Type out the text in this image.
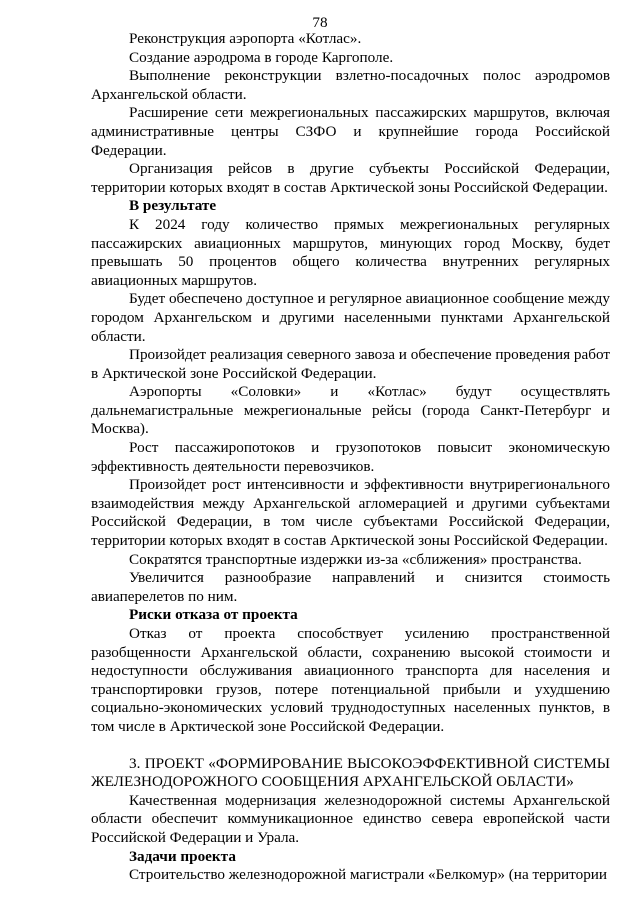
78

Реконструкция аэропорта «Котлас».

Создание аэродрома в городе Каргополе.

Выполнение реконструкции взлетно-посадочных полос аэродромов Архангельской области.

Расширение сети межрегиональных пассажирских маршрутов, включая административные центры СЗФО и крупнейшие города Российской Федерации.

Организация рейсов в другие субъекты Российской Федерации, территории которых входят в состав Арктической зоны Российской Федерации.

В результате

К 2024 году количество прямых межрегиональных регулярных пассажирских авиационных маршрутов, минующих город Москву, будет превышать 50 процентов общего количества внутренних регулярных авиационных маршрутов.

Будет обеспечено доступное и регулярное авиационное сообщение между городом Архангельском и другими населенными пунктами Архангельской области.

Произойдет реализация северного завоза и обеспечение проведения работ в Арктической зоне Российской Федерации.

Аэропорты «Соловки» и «Котлас» будут осуществлять дальнемагистральные межрегиональные рейсы (города Санкт-Петербург и Москва).

Рост пассажиропотоков и грузопотоков повысит экономическую эффективность деятельности перевозчиков.

Произойдет рост интенсивности и эффективности внутрирегионального взаимодействия между Архангельской агломерацией и другими субъектами Российской Федерации, в том числе субъектами Российской Федерации, территории которых входят в состав Арктической зоны Российской Федерации.

Сократятся транспортные издержки из-за «сближения» пространства.

Увеличится разнообразие направлений и снизится стоимость авиаперелетов по ним.

Риски отказа от проекта

Отказ от проекта способствует усилению пространственной разобщенности Архангельской области, сохранению высокой стоимости и недоступности обслуживания авиационного транспорта для населения и транспортировки грузов, потере потенциальной прибыли и ухудшению социально-экономических условий труднодоступных населенных пунктов, в том числе в Арктической зоне Российской Федерации.

3. ПРОЕКТ «ФОРМИРОВАНИЕ ВЫСОКОЭФФЕКТИВНОЙ СИСТЕМЫ ЖЕЛЕЗНОДОРОЖНОГО СООБЩЕНИЯ АРХАНГЕЛЬСКОЙ ОБЛАСТИ»

Качественная модернизация железнодорожной системы Архангельской области обеспечит коммуникационное единство севера европейской части Российской Федерации и Урала.

Задачи проекта

Строительство железнодорожной магистрали «Белкомур» (на территории
